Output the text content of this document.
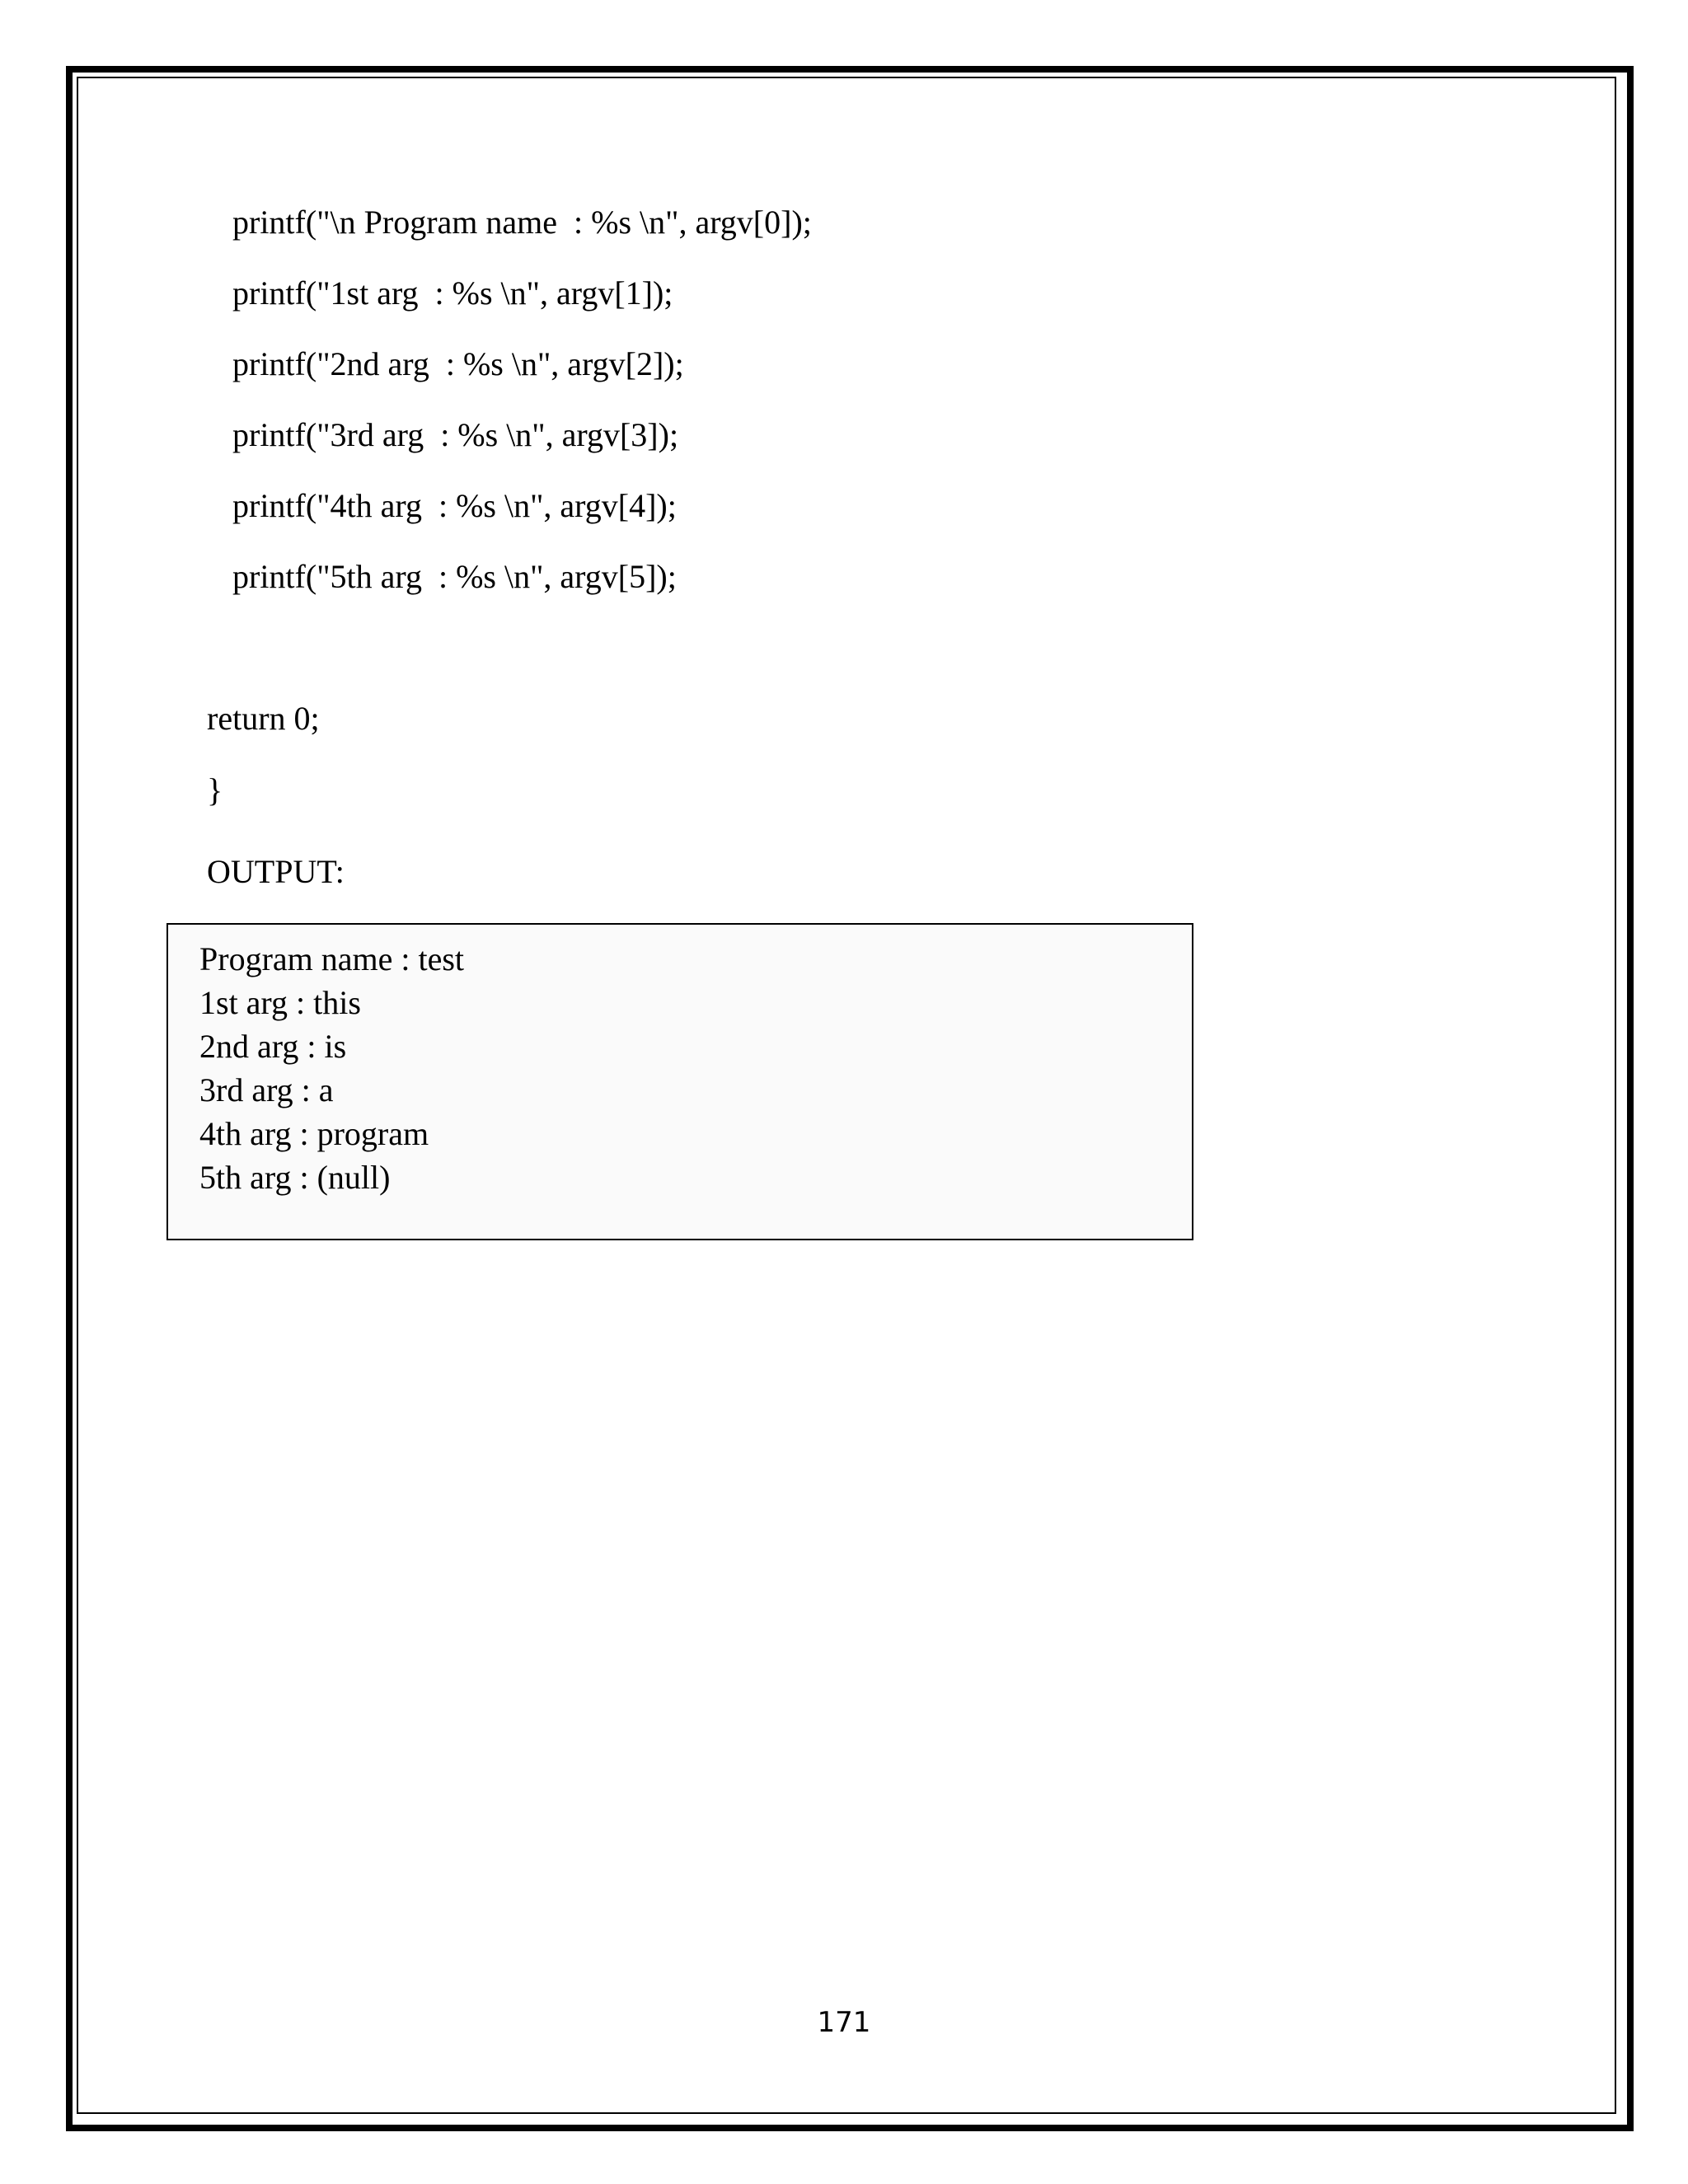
printf("\n Program name  : %s \n", argv[0]);
printf("1st arg  : %s \n", argv[1]);
printf("2nd arg  : %s \n", argv[2]);
printf("3rd arg  : %s \n", argv[3]);
printf("4th arg  : %s \n", argv[4]);
printf("5th arg  : %s \n", argv[5]);
return 0;
}
OUTPUT:
Program name : test
1st arg : this
2nd arg : is
3rd arg : a
4th arg : program
5th arg : (null)
171
